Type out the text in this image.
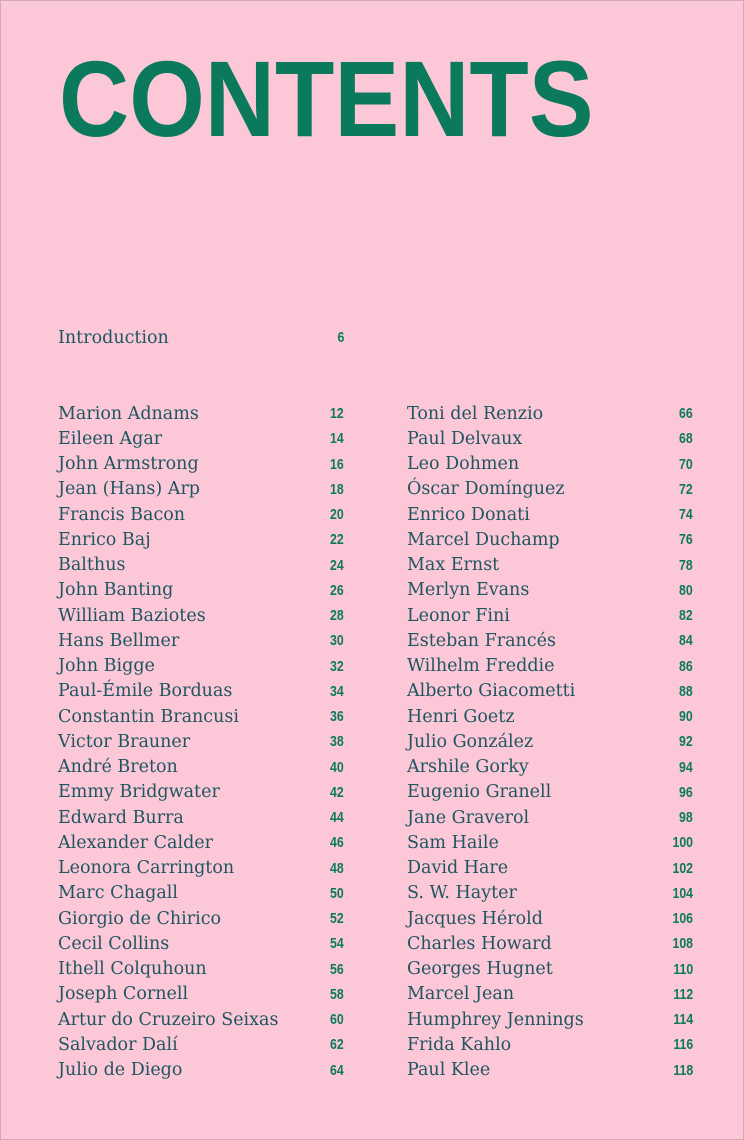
CONTENTS
Introduction	6
Marion Adnams	12
Eileen Agar	14
John Armstrong	16
Jean (Hans) Arp	18
Francis Bacon	20
Enrico Baj	22
Balthus	24
John Banting	26
William Baziotes	28
Hans Bellmer	30
John Bigge	32
Paul-Émile Borduas	34
Constantin Brancusi	36
Victor Brauner	38
André Breton	40
Emmy Bridgwater	42
Edward Burra	44
Alexander Calder	46
Leonora Carrington	48
Marc Chagall	50
Giorgio de Chirico	52
Cecil Collins	54
Ithell Colquhoun	56
Joseph Cornell	58
Artur do Cruzeiro Seixas	60
Salvador Dalí	62
Julio de Diego	64
Toni del Renzio	66
Paul Delvaux	68
Leo Dohmen	70
Óscar Domínguez	72
Enrico Donati	74
Marcel Duchamp	76
Max Ernst	78
Merlyn Evans	80
Leonor Fini	82
Esteban Francés	84
Wilhelm Freddie	86
Alberto Giacometti	88
Henri Goetz	90
Julio González	92
Arshile Gorky	94
Eugenio Granell	96
Jane Graverol	98
Sam Haile	100
David Hare	102
S. W. Hayter	104
Jacques Hérold	106
Charles Howard	108
Georges Hugnet	110
Marcel Jean	112
Humphrey Jennings	114
Frida Kahlo	116
Paul Klee	118
